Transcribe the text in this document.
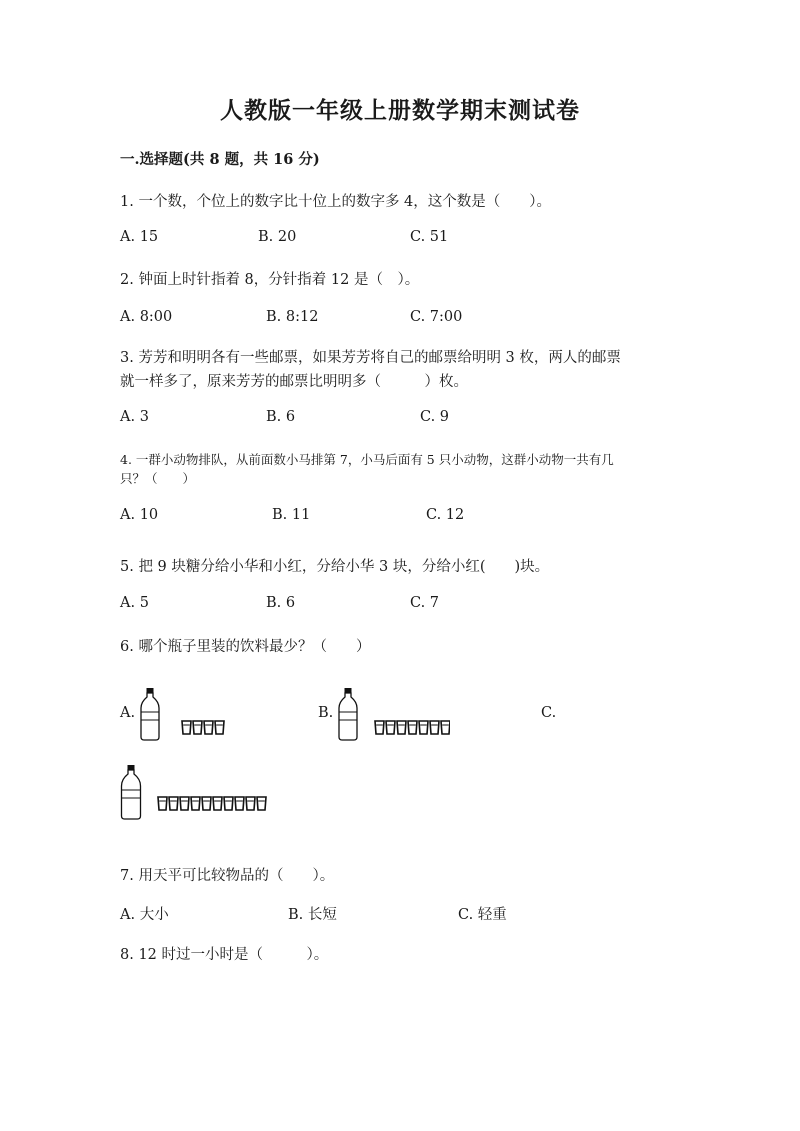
人教版一年级上册数学期末测试卷
一.选择题(共 8 题，共 16 分)
1. 一个数，个位上的数字比十位上的数字多 4，这个数是（　　）。
A. 15	B. 20	C. 51
2. 钟面上时针指着 8，分针指着 12 是（　）。
A. 8:00	B. 8:12	C. 7:00
3. 芳芳和明明各有一些邮票，如果芳芳将自己的邮票给明明 3 枚，两人的邮票
就一样多了，原来芳芳的邮票比明明多（　　　）枚。
A. 3	B. 6	C. 9
4. 一群小动物排队，从前面数小马排第 7，小马后面有 5 只小动物，这群小动物一共有几
只？（　　）
A. 10	B. 11	C. 12
5. 把 9 块糖分给小华和小红，分给小华 3 块，分给小红(　　)块。
A. 5	B. 6	C. 7
6. 哪个瓶子里装的饮料最少？（　　）
A.	B.	C.
7. 用天平可比较物品的（　　）。
A. 大小	B. 长短	C. 轻重
8. 12 时过一小时是（　　　）。
